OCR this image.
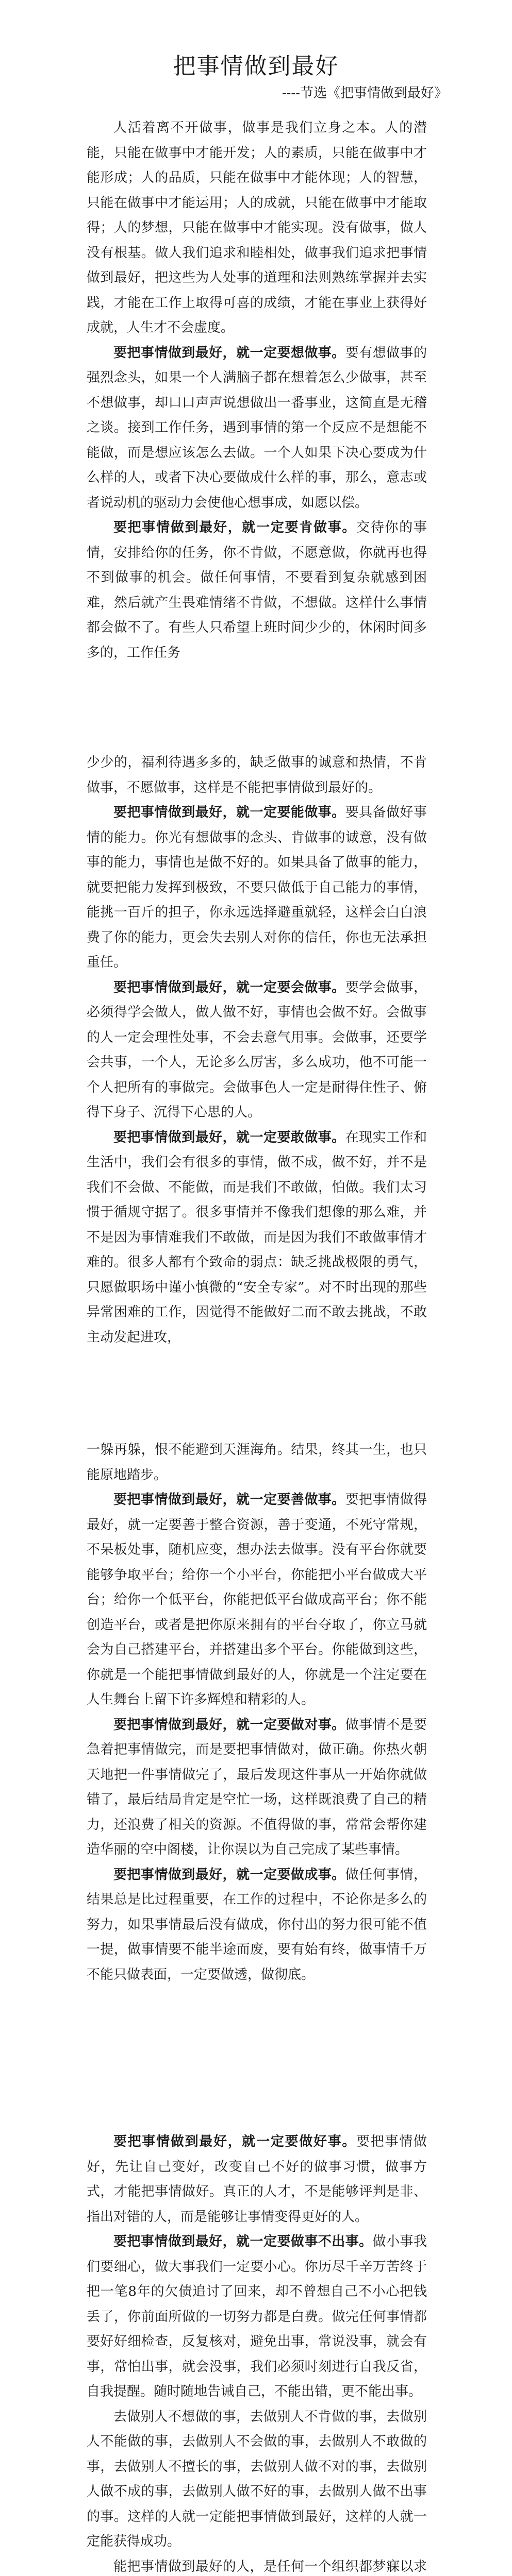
把事情做到最好
----节选《把事情做到最好》

人活着离不开做事，做事是我们立身之本。人的潜能，只能在做事中才能开发；人的素质，只能在做事中才能形成；人的品质，只能在做事中才能体现；人的智慧，只能在做事中才能运用；人的成就，只能在做事中才能取得；人的梦想，只能在做事中才能实现。没有做事，做人没有根基。做人我们追求和睦相处，做事我们追求把事情做到最好，把这些为人处事的道理和法则熟练掌握并去实践，才能在工作上取得可喜的成绩，才能在事业上获得好成就，人生才不会虚度。

要把事情做到最好，就一定要想做事。要有想做事的强烈念头，如果一个人满脑子都在想着怎么少做事，甚至不想做事，却口口声声说想做出一番事业，这简直是无稽之谈。接到工作任务，遇到事情的第一个反应不是想能不能做，而是想应该怎么去做。一个人如果下决心要成为什么样的人，或者下决心要做成什么样的事，那么，意志或者说动机的驱动力会使他心想事成，如愿以偿。

要把事情做到最好，就一定要肯做事。交待你的事情，安排给你的任务，你不肯做，不愿意做，你就再也得不到做事的机会。做任何事情，不要看到复杂就感到困难，然后就产生畏难情绪不肯做，不想做。这样什么事情都会做不了。有些人只希望上班时间少少的，休闲时间多多的，工作任务

少少的，福利待遇多多的，缺乏做事的诚意和热情，不肯做事，不愿做事，这样是不能把事情做到最好的。

要把事情做到最好，就一定要能做事。要具备做好事情的能力。你光有想做事的念头、肯做事的诚意，没有做事的能力，事情也是做不好的。如果具备了做事的能力，就要把能力发挥到极致，不要只做低于自己能力的事情，能挑一百斤的担子，你永远选择避重就轻，这样会白白浪费了你的能力，更会失去别人对你的信任，你也无法承担重任。

要把事情做到最好，就一定要会做事。要学会做事，必须得学会做人，做人做不好，事情也会做不好。会做事的人一定会理性处事，不会去意气用事。会做事，还要学会共事，一个人，无论多么厉害，多么成功，他不可能一个人把所有的事做完。会做事色人一定是耐得住性子、俯得下身子、沉得下心思的人。

要把事情做到最好，就一定要敢做事。在现实工作和生活中，我们会有很多的事情，做不成，做不好，并不是我们不会做、不能做，而是我们不敢做，怕做。我们太习惯于循规守据了。很多事情并不像我们想像的那么难，并不是因为事情难我们不敢做，而是因为我们不敢做事情才难的。很多人都有个致命的弱点：缺乏挑战极限的勇气，只愿做职场中谨小慎微的“安全专家”。对不时出现的那些异常困难的工作，因觉得不能做好二而不敢去挑战，不敢主动发起进攻，

一躲再躲，恨不能避到天涯海角。结果，终其一生，也只能原地踏步。

要把事情做到最好，就一定要善做事。要把事情做得最好，就一定要善于整合资源，善于变通，不死守常规，不呆板处事，随机应变，想办法去做事。没有平台你就要能够争取平台；给你一个小平台，你能把小平台做成大平台；给你一个低平台，你能把低平台做成高平台；你不能创造平台，或者是把你原来拥有的平台夺取了，你立马就会为自己搭建平台，并搭建出多个平台。你能做到这些，你就是一个能把事情做到最好的人，你就是一个注定要在人生舞台上留下许多辉煌和精彩的人。

要把事情做到最好，就一定要做对事。做事情不是要急着把事情做完，而是要把事情做对，做正确。你热火朝天地把一件事情做完了，最后发现这件事从一开始你就做错了，最后结局肯定是空忙一场，这样既浪费了自己的精力，还浪费了相关的资源。不值得做的事，常常会帮你建造华丽的空中阁楼，让你误以为自己完成了某些事情。

要把事情做到最好，就一定要做成事。做任何事情，结果总是比过程重要，在工作的过程中，不论你是多么的努力，如果事情最后没有做成，你付出的努力很可能不值一提，做事情要不能半途而废，要有始有终，做事情千万不能只做表面，一定要做透，做彻底。

要把事情做到最好，就一定要做好事。要把事情做好，先让自己变好，改变自己不好的做事习惯，做事方式，才能把事情做好。真正的人才，不是能够评判是非、指出对错的人，而是能够让事情变得更好的人。

要把事情做到最好，就一定要做事不出事。做小事我们要细心，做大事我们一定要小心。你历尽千辛万苦终于把一笔8年的欠债追讨了回来，却不曾想自己不小心把钱丢了，你前面所做的一切努力都是白费。做完任何事情都要好好细检查，反复核对，避免出事，常说没事，就会有事，常怕出事，就会没事，我们必须时刻进行自我反省，自我提醒。随时随地告诫自己，不能出错，更不能出事。

去做别人不想做的事，去做别人不肯做的事，去做别人不能做的事，去做别人不会做的事，去做别人不敢做的事，去做别人不擅长的事，去做别人做不对的事，去做别人做不成的事，去做别人做不好的事，去做别人做不出事的事。这样的人就一定能把事情做到最好，这样的人就一定能获得成功。

能把事情做到最好的人，是任何一个组织都梦寐以求
